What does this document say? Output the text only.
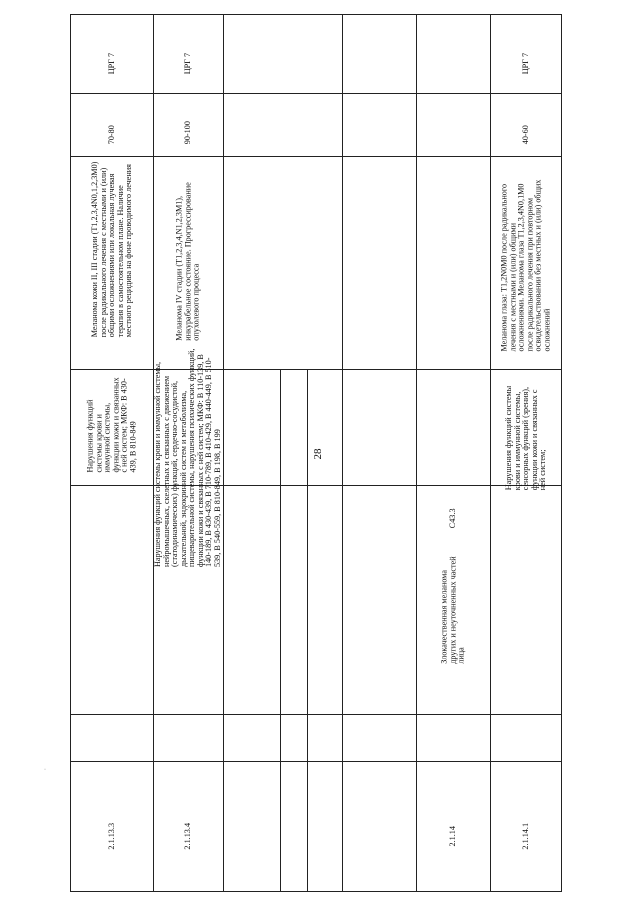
28
·
2.1.13.3
Нарушения функций системы крови и иммунной системы, функции кожи и связанных с ней систем; МКФ: В 430-439, В 810-849
Меланома кожи II, III стадии (T1,2,3,4N0,1,2,3M0) после радикального лечения с местными и (или) общими осложнениями или локальная лучевая терапия в самостоятельном плане. Наличие местного рецидива на фоне проводимого лечения
70-80
ЦРГ 7
2.1.13.4
Нарушения функций системы крови и иммунной системы, нейромышечных, скелетных и связанных с движением (статодинамических) функций, сердечно-сосудистой, дыхательной, эндокринной систем и метаболизма, пищеварительной системы, нарушения психических функций, функции кожи и связанных с ней систем; МКФ: В 110-139, В 140-189, В 430-439, В 710-789, В 410-429, В 440-449, В 510-539, В 540-559, В 810-849, В 198, В 199
Меланома IV стадии (T1,2,3,4,N1,2,3M1), инкурабельное состояние. Прогрессирование опухолевого процесса
90-100
ЦРГ 7
2.1.14
Злокачественная меланома других и неуточненных частей лица
С43.3
2.1.14.1
Нарушения функций системы крови и иммунной системы, сенсорных функций (зрения), функции кожи и связанных с ней систем;
Меланома глаза: T1,2N0M0 после радикального лечения с местными и (или) общими осложнениями. Меланома глаза T1,2,3,4N0,1M0 после радикального лечения при повторном освидетельствовании без местных и (или) общих осложнений
40-60
ЦРГ 7
